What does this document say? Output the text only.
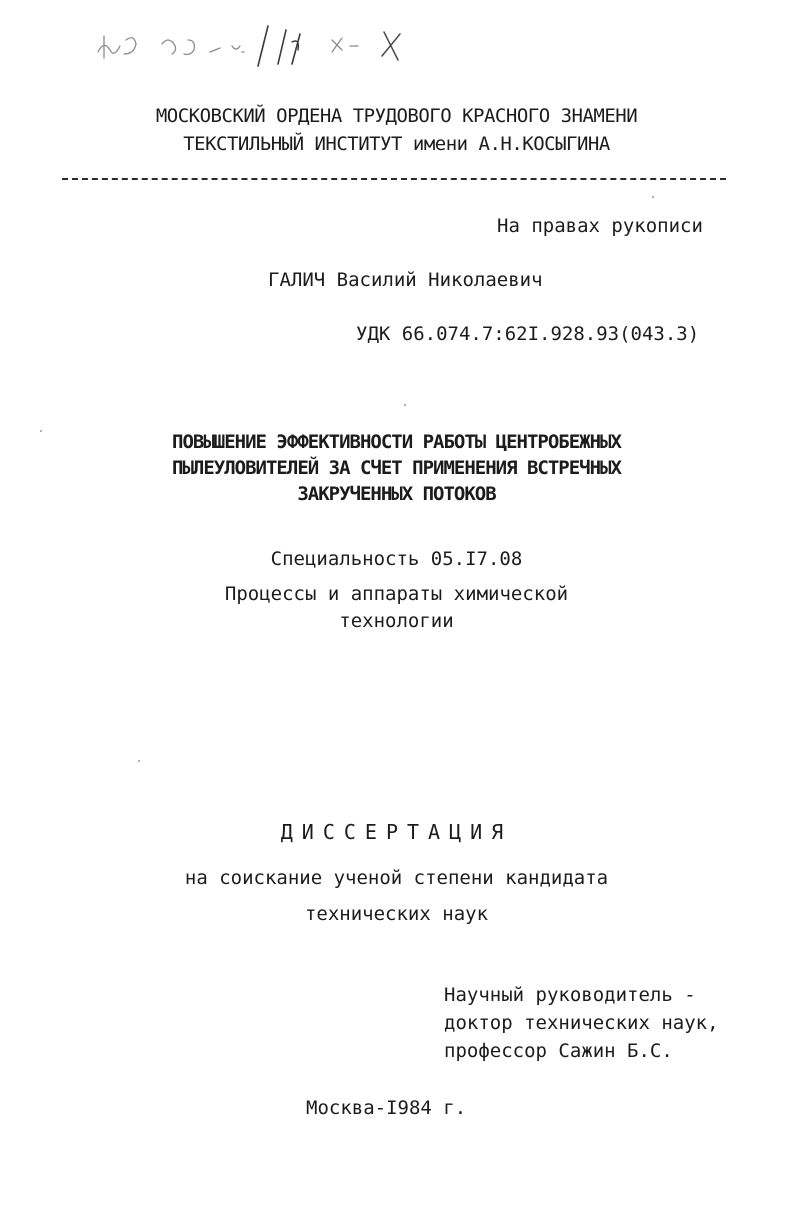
МОСКОВСКИЙ ОРДЕНА ТРУДОВОГО КРАСНОГО ЗНАМЕНИ
ТЕКСТИЛЬНЫЙ ИНСТИТУТ имени А.Н.КОСЫГИНА
На правах рукописи
ГАЛИЧ Василий Николаевич
УДК 66.074.7:62I.928.93(043.3)
ПОВЫШЕНИЕ ЭФФЕКТИВНОСТИ РАБОТЫ ЦЕНТРОБЕЖНЫХ
ПЫЛЕУЛОВИТЕЛЕЙ ЗА СЧЕТ ПРИМЕНЕНИЯ ВСТРЕЧНЫХ
ЗАКРУЧЕННЫХ ПОТОКОВ
Специальность 05.I7.08
Процессы и аппараты химической
технологии
ДИССЕРТАЦИЯ
на соискание ученой степени кандидата
технических наук
Научный руководитель -
доктор технических наук,
профессор Сажин Б.С.
Москва-I984 г.
